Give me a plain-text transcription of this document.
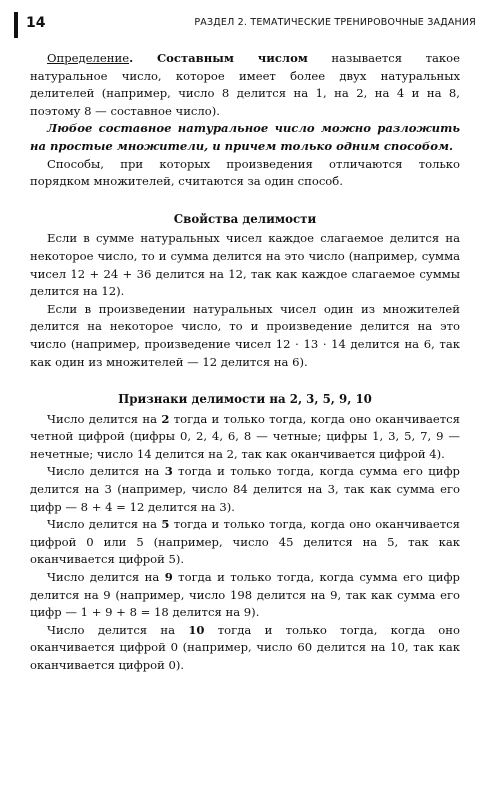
14	РАЗДЕЛ 2. ТЕМАТИЧЕСКИЕ ТРЕНИРОВОЧНЫЕ ЗАДАНИЯ

Определение. Составным числом называется такое натуральное число, которое имеет более двух натуральных делителей (например, число 8 делится на 1, на 2, на 4 и на 8, поэтому 8 — составное число).

Любое составное натуральное число можно разложить на простые множители, и причем только одним способом.

Способы, при которых произведения отличаются только порядком множителей, считаются за один способ.

Свойства делимости

Если в сумме натуральных чисел каждое слагаемое делится на некоторое число, то и сумма делится на это число (например, сумма чисел 12 + 24 + 36 делится на 12, так как каждое слагаемое суммы делится на 12).

Если в произведении натуральных чисел один из множителей делится на некоторое число, то и произведение делится на это число (например, произведение чисел 12 · 13 · 14 делится на 6, так как один из множителей — 12 делится на 6).

Признаки делимости на 2, 3, 5, 9, 10

Число делится на 2 тогда и только тогда, когда оно оканчивается четной цифрой (цифры 0, 2, 4, 6, 8 — четные; цифры 1, 3, 5, 7, 9 — нечетные; число 14 делится на 2, так как оканчивается цифрой 4).

Число делится на 3 тогда и только тогда, когда сумма его цифр делится на 3 (например, число 84 делится на 3, так как сумма его цифр — 8 + 4 = 12 делится на 3).

Число делится на 5 тогда и только тогда, когда оно оканчивается цифрой 0 или 5 (например, число 45 делится на 5, так как оканчивается цифрой 5).

Число делится на 9 тогда и только тогда, когда сумма его цифр делится на 9 (например, число 198 делится на 9, так как сумма его цифр — 1 + 9 + 8 = 18 делится на 9).

Число делится на 10 тогда и только тогда, когда оно оканчивается цифрой 0 (например, число 60 делится на 10, так как оканчивается цифрой 0).
